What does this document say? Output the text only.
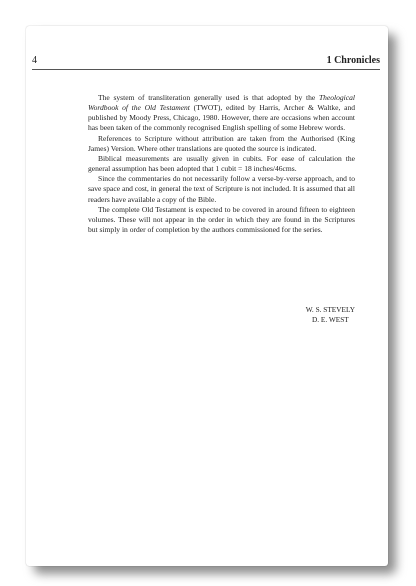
4	1 Chronicles

The system of transliteration generally used is that adopted by the Theological Wordbook of the Old Testament (TWOT), edited by Harris, Archer & Waltke, and published by Moody Press, Chicago, 1980. However, there are occasions when account has been taken of the commonly recognised English spelling of some Hebrew words.

References to Scripture without attribution are taken from the Authorised (King James) Version. Where other translations are quoted the source is indicated.

Biblical measurements are usually given in cubits. For ease of calculation the general assumption has been adopted that 1 cubit = 18 inches/46cms.

Since the commentaries do not necessarily follow a verse-by-verse approach, and to save space and cost, in general the text of Scripture is not included. It is assumed that all readers have available a copy of the Bible.

The complete Old Testament is expected to be covered in around fifteen to eighteen volumes. These will not appear in the order in which they are found in the Scriptures but simply in order of completion by the authors commissioned for the series.

W. S. STEVELY
D. E. WEST
